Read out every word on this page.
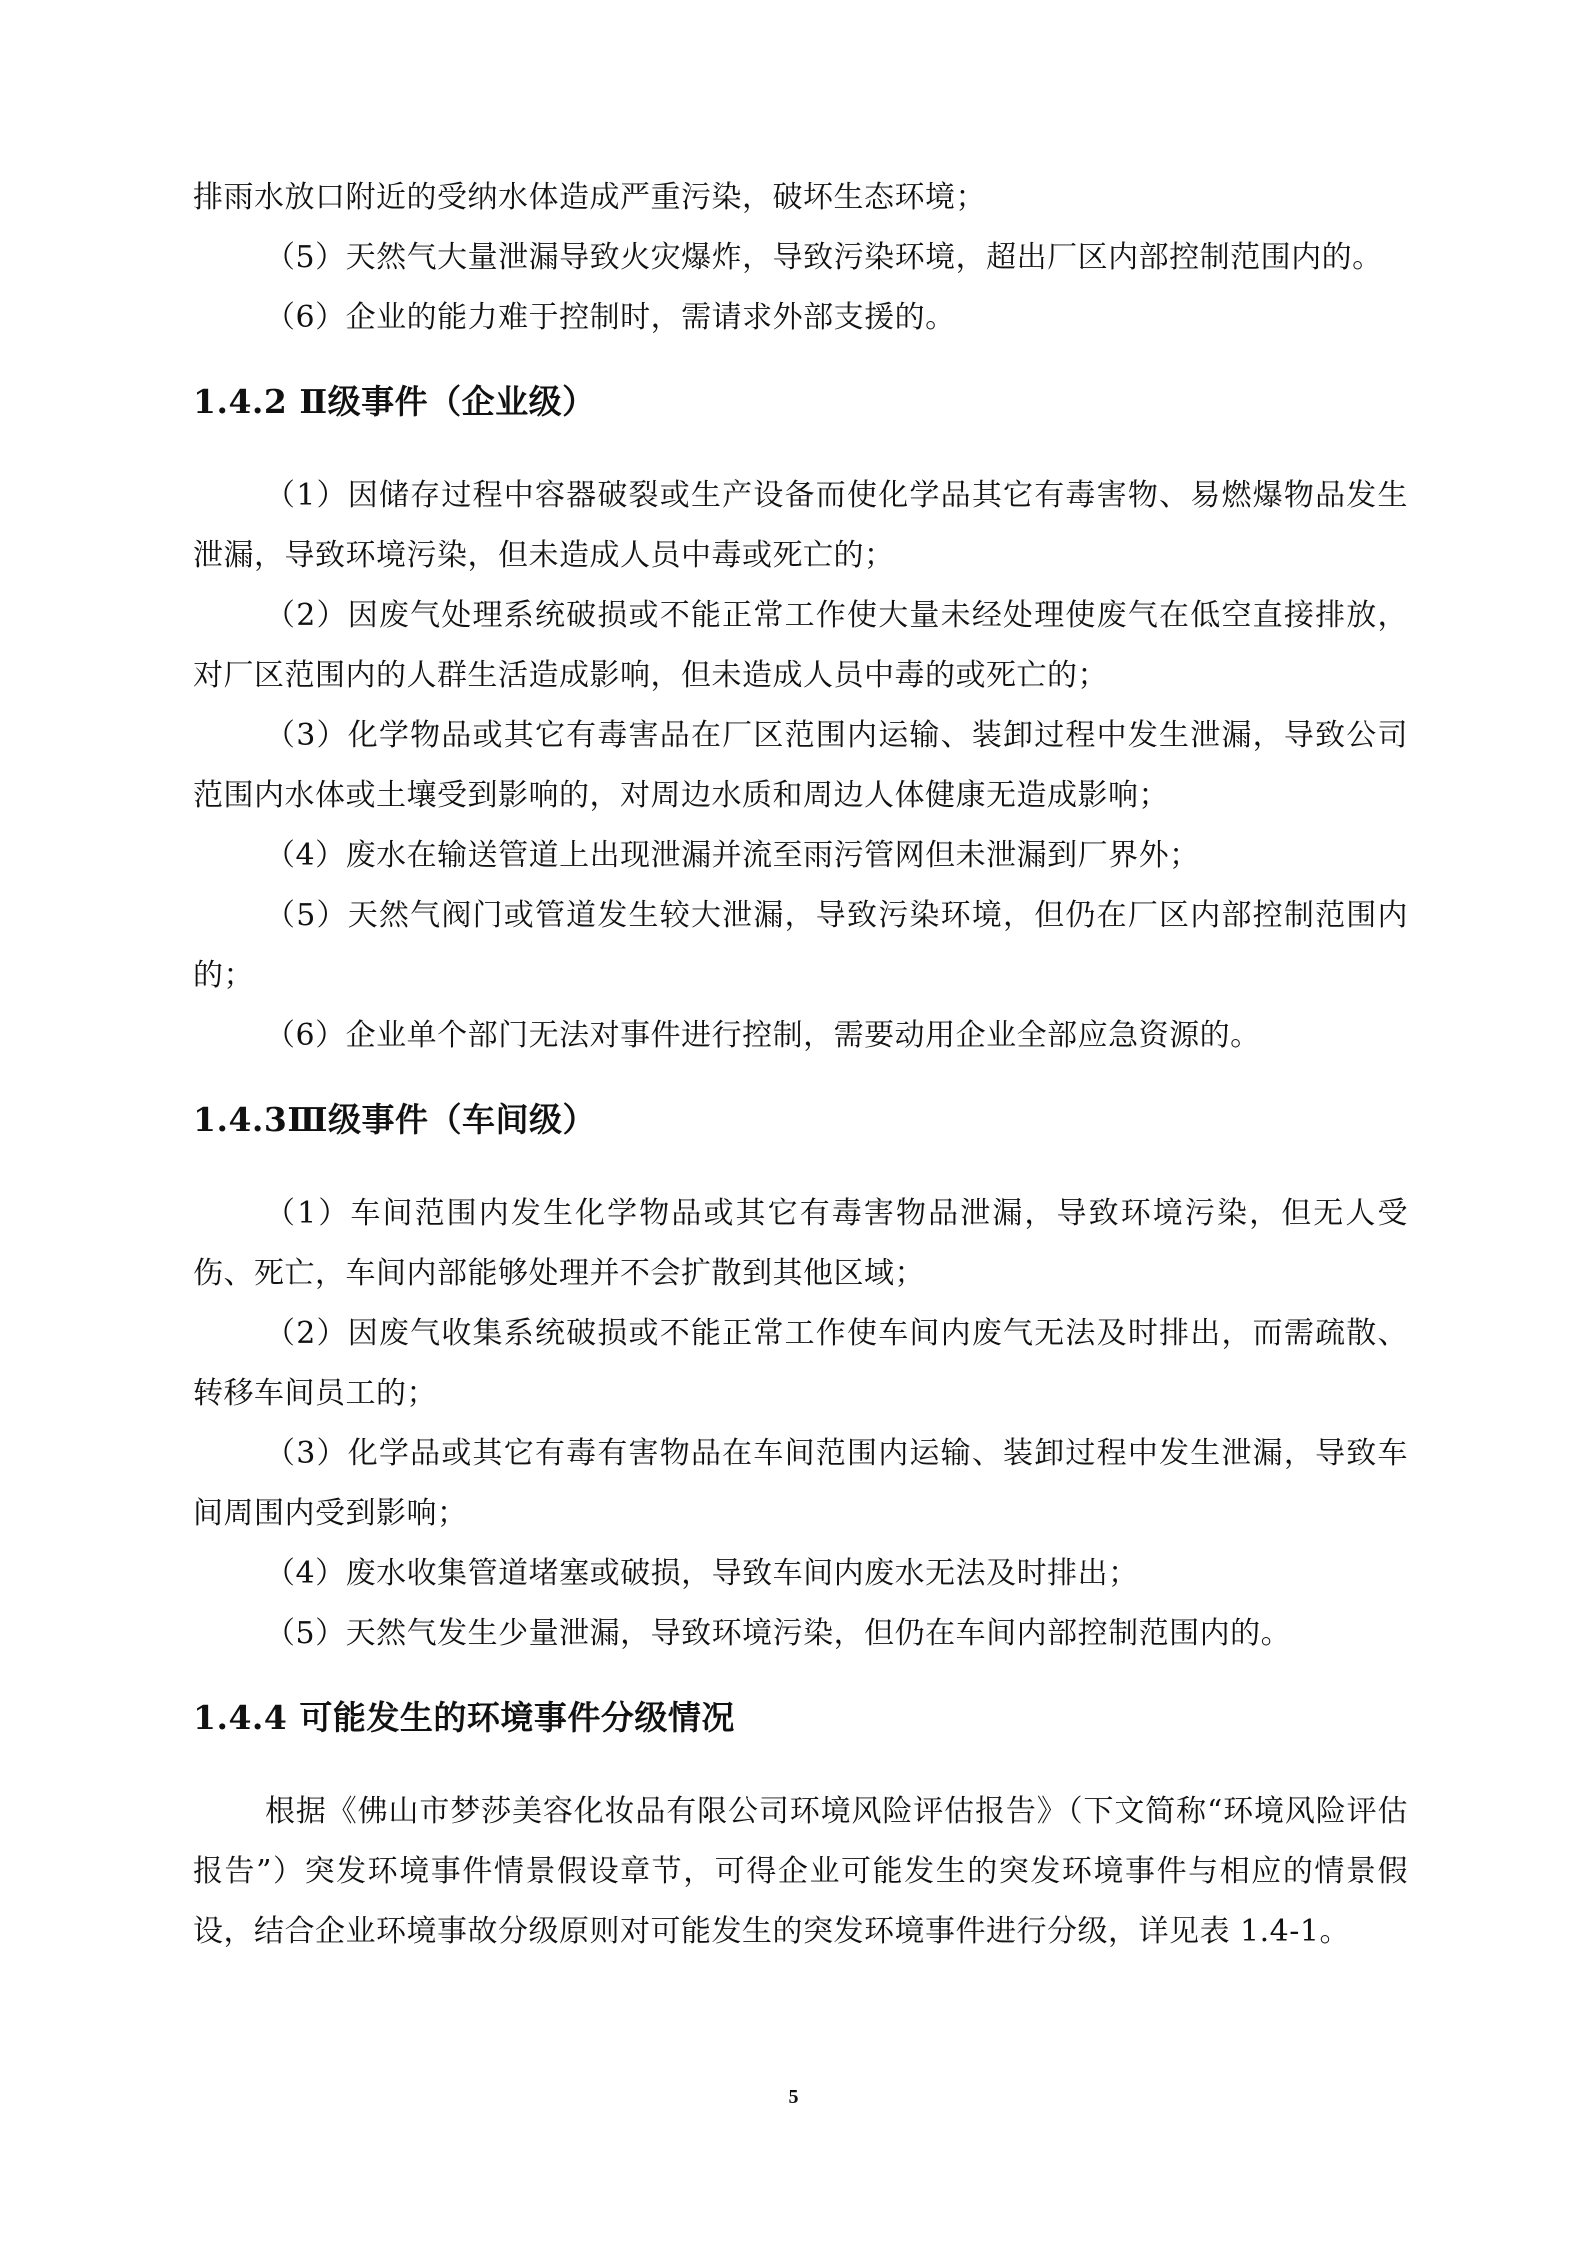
排雨水放口附近的受纳水体造成严重污染，破坏生态环境；

（5）天然气大量泄漏导致火灾爆炸，导致污染环境，超出厂区内部控制范围内的。

（6）企业的能力难于控制时，需请求外部支援的。

1.4.2 Ⅱ级事件（企业级）

（1）因储存过程中容器破裂或生产设备而使化学品其它有毒害物、易燃爆物品发生泄漏，导致环境污染，但未造成人员中毒或死亡的；

（2）因废气处理系统破损或不能正常工作使大量未经处理使废气在低空直接排放，对厂区范围内的人群生活造成影响，但未造成人员中毒的或死亡的；

（3）化学物品或其它有毒害品在厂区范围内运输、装卸过程中发生泄漏，导致公司范围内水体或土壤受到影响的，对周边水质和周边人体健康无造成影响；

（4）废水在输送管道上出现泄漏并流至雨污管网但未泄漏到厂界外；

（5）天然气阀门或管道发生较大泄漏，导致污染环境，但仍在厂区内部控制范围内的；

（6）企业单个部门无法对事件进行控制，需要动用企业全部应急资源的。

1.4.3Ⅲ级事件（车间级）

（1）车间范围内发生化学物品或其它有毒害物品泄漏，导致环境污染，但无人受伤、死亡，车间内部能够处理并不会扩散到其他区域；

（2）因废气收集系统破损或不能正常工作使车间内废气无法及时排出，而需疏散、转移车间员工的；

（3）化学品或其它有毒有害物品在车间范围内运输、装卸过程中发生泄漏，导致车间周围内受到影响；

（4）废水收集管道堵塞或破损，导致车间内废水无法及时排出；

（5）天然气发生少量泄漏，导致环境污染，但仍在车间内部控制范围内的。

1.4.4 可能发生的环境事件分级情况

根据《佛山市梦莎美容化妆品有限公司环境风险评估报告》（下文简称“环境风险评估报告”）突发环境事件情景假设章节，可得企业可能发生的突发环境事件与相应的情景假设，结合企业环境事故分级原则对可能发生的突发环境事件进行分级，详见表 1.4-1。

5
